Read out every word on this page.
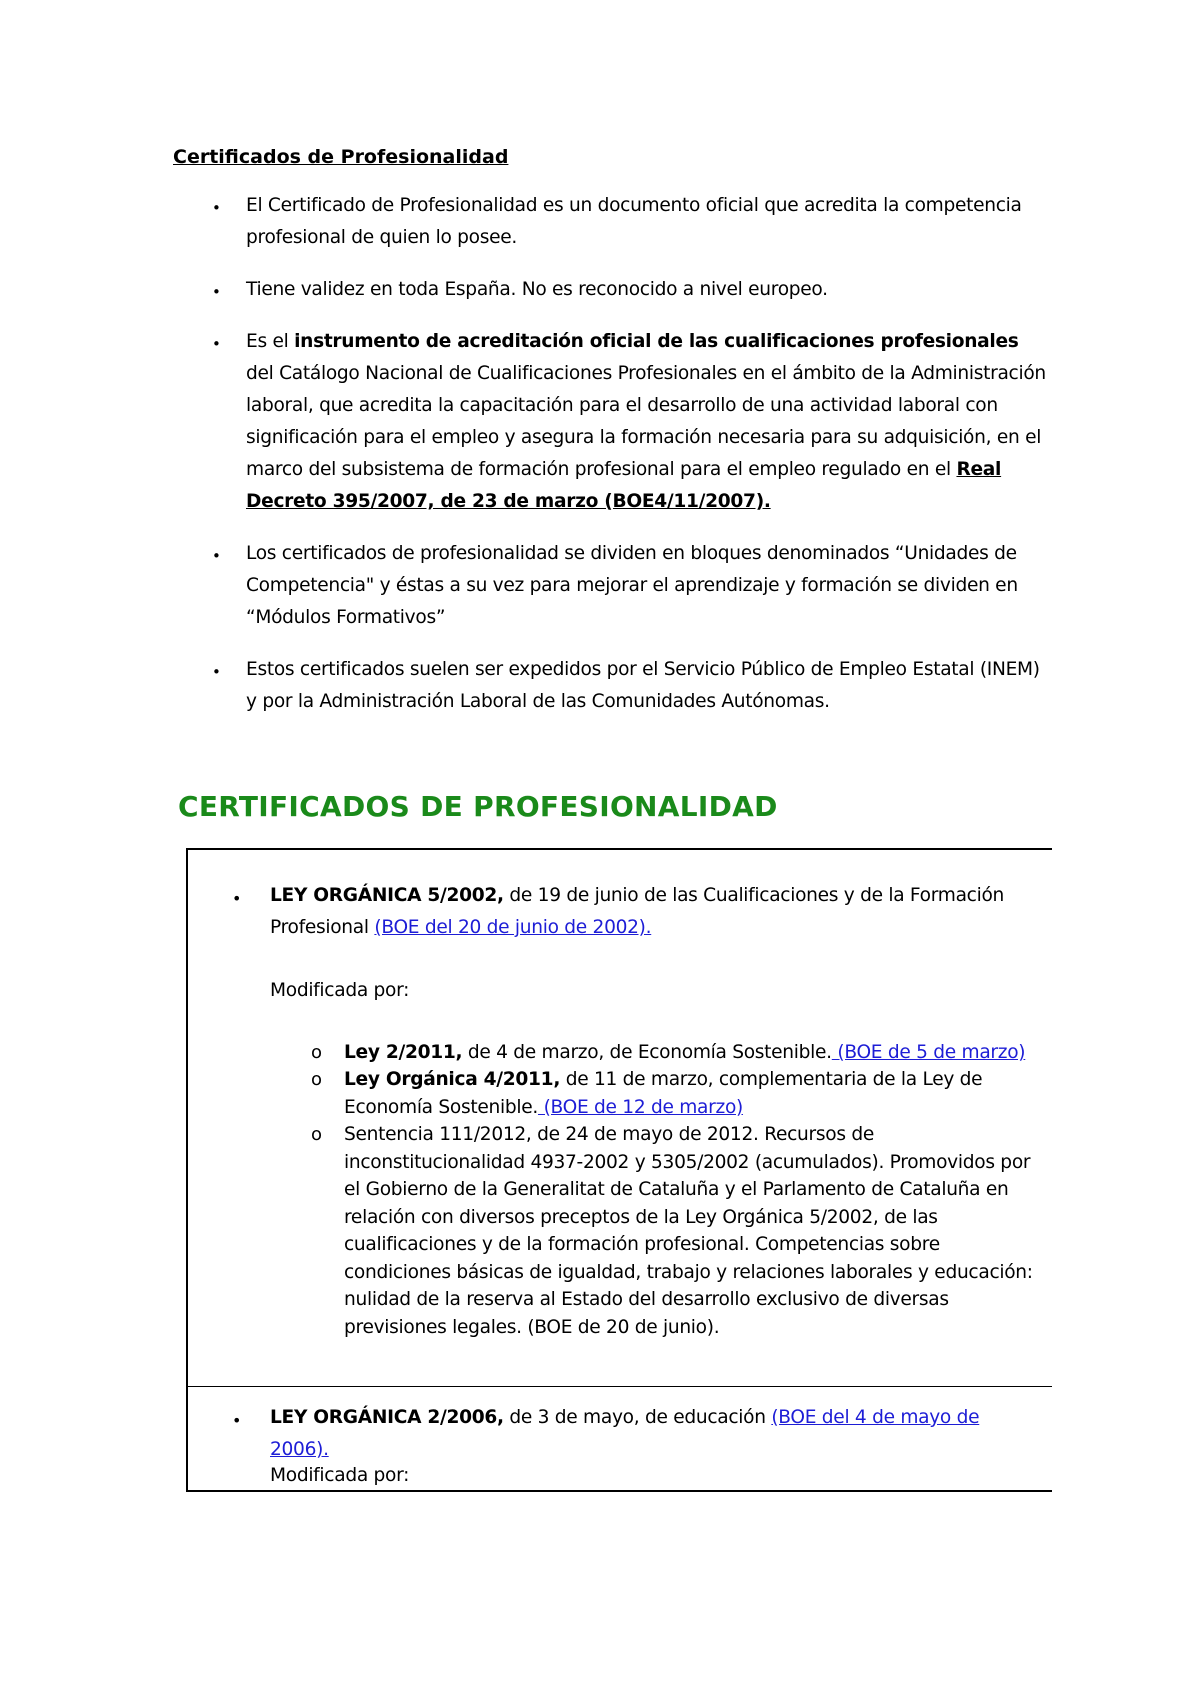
Certificados de Profesionalidad
• El Certificado de Profesionalidad es un documento oficial que acredita la competencia profesional de quien lo posee.
• Tiene validez en toda España. No es reconocido a nivel europeo.
• Es el instrumento de acreditación oficial de las cualificaciones profesionales del Catálogo Nacional de Cualificaciones Profesionales en el ámbito de la Administración laboral, que acredita la capacitación para el desarrollo de una actividad laboral con significación para el empleo y asegura la formación necesaria para su adquisición, en el marco del subsistema de formación profesional para el empleo regulado en el Real Decreto 395/2007, de 23 de marzo (BOE4/11/2007).
• Los certificados de profesionalidad se dividen en bloques denominados “Unidades de Competencia" y éstas a su vez para mejorar el aprendizaje y formación se dividen en “Módulos Formativos”
• Estos certificados suelen ser expedidos por el Servicio Público de Empleo Estatal (INEM) y por la Administración Laboral de las Comunidades Autónomas.
CERTIFICADOS DE PROFESIONALIDAD
• LEY ORGÁNICA 5/2002, de 19 de junio de las Cualificaciones y de la Formación Profesional (BOE del 20 de junio de 2002).
Modificada por:
o Ley 2/2011, de 4 de marzo, de Economía Sostenible. (BOE de 5 de marzo)
o Ley Orgánica 4/2011, de 11 de marzo, complementaria de la Ley de Economía Sostenible. (BOE de 12 de marzo)
o Sentencia 111/2012, de 24 de mayo de 2012. Recursos de inconstitucionalidad 4937-2002 y 5305/2002 (acumulados). Promovidos por el Gobierno de la Generalitat de Cataluña y el Parlamento de Cataluña en relación con diversos preceptos de la Ley Orgánica 5/2002, de las cualificaciones y de la formación profesional. Competencias sobre condiciones básicas de igualdad, trabajo y relaciones laborales y educación: nulidad de la reserva al Estado del desarrollo exclusivo de diversas previsiones legales. (BOE de 20 de junio).
• LEY ORGÁNICA 2/2006, de 3 de mayo, de educación (BOE del 4 de mayo de 2006).
Modificada por:
